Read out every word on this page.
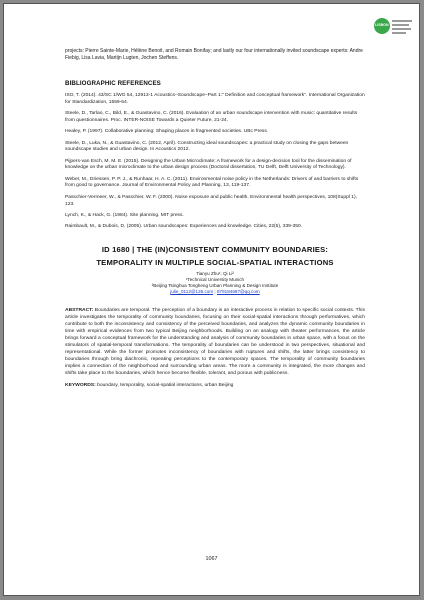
LISBON

projects: Pierre Sainte-Marie, Hélène Benoit, and Romain Bonifay; and lastly our four internationally invited soundscape experts: Andre Fiebig, Lisa Lavia, Martijn Lugten, Jochen Steffens.

BIBLIOGRAPHIC REFERENCES

ISO, T. (2014). 43/SC 1/WG 54, 12913-1 Acoustics–Soundscape–Part 1:" Definition and conceptual framework". International Organization for Standardization, 1559-64.

Steele, D., Tarlao, C., Bild, E., & Guastavino, C. (2016). Evaluation of an urban soundscape intervention with music: quantitative results from questionnaires. Proc. INTER-NOISE Towards a Quieter Future, 21-24.

Healey, P. (1997). Collaborative planning: Shaping places in fragmented societies. UBc Press.

Steele, D., Luka, N., & Guastavino, C. (2012, April). Constructing ideal soundscapes: a practical study on closing the gaps between soundscape studies and urban design. In Acoustics 2012.

Pijpers-van Esch, M. M. E. (2015). Designing the Urban Microclimate: A framework for a design-decision tool for the dissemination of knowledge on the urban microclimate to the urban design process (Doctoral dissertation, TU Delft, Delft University of Technology).

Weber, M., Driessen, P. P. J., & Runhaar, H. A. C. (2011). Environmental noise policy in the Netherlands: Drivers of and barriers to shifts from good to governance. Journal of Environmental Policy and Planning, 13, 119-137.

Passchier-Vermeer, W., & Passchier, W. F. (2000). Noise exposure and public health. Environmental health perspectives, 108(Suppl 1), 123.

Lynch, K., & Hack, G. (1984). Site planning. MIT press.

Raimbault, M., & Dubois, D. (2005). Urban soundscapes: Experiences and knowledge. Cities, 22(5), 339-350.

ID 1680 | THE (IN)CONSISTENT COMMUNITY BOUNDARIES:
TEMPORALITY IN MULTIPLE SOCIAL-SPATIAL INTERACTIONS
Tianyu Zhu¹; Qi Li²
¹Technical University Munich
²Beijing Tsinghua Tongheng Urban Planning & Design Institute
julie_0112@126.com ; 878184687@qq.com

ABSTRACT: Boundaries are temporal. The perception of a boundary is an interactive process in relation to specific social contexts. This article investigates the temporality of community boundaries, focusing on their social-spatial interactions through performatives, which contribute to both the inconsistency and consistency of the perceived boundaries, and analyzes the dynamic community boundaries in time with empirical evidences from two typical Beijing neighborhoods. Building on an analogy with theater performances, the article brings forward a conceptual framework for the understanding and analysis of community boundaries in urban space, with a focus on the stimulators of spatial-temporal transformations. The temporality of boundaries can be understood in two perspectives, situational and representational. While the former promotes inconsistency of boundaries with ruptures and shifts, the latter brings consistency to boundaries through bring diachronic, repeating perceptions to the contemporary spaces. The temporality of community boundaries implies a connection of the neighborhood and surrounding urban areas. The more a community is integrated, the more changes and shifts take place to the boundaries, which hence become flexible, tolerant, and porous with publicness.

KEYWORDS: boundary, temporality, social-spatial interactions, urban Beijing

1067
